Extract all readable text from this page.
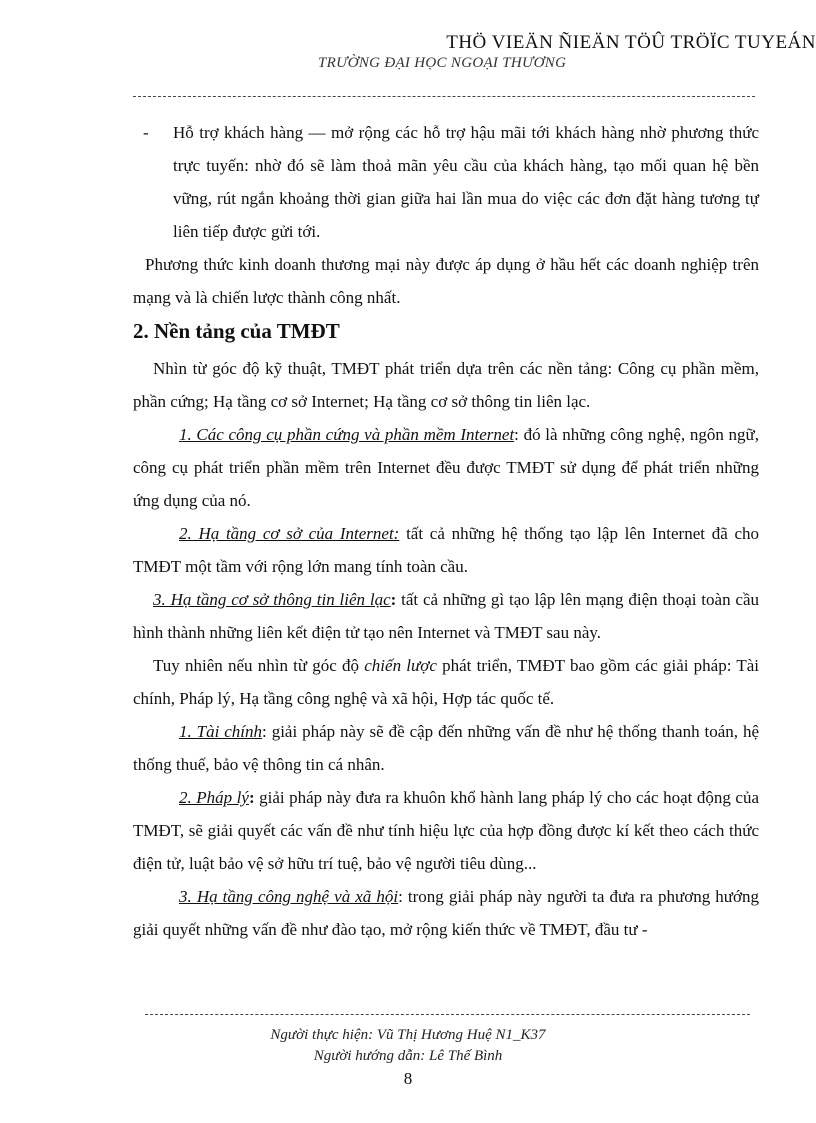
THÖ VIEÄN ÑIEÄN TÖÛ TRÖÏC TUYEÁN
TRƯỜNG ĐẠI HỌC NGOẠI THƯƠNG
-	Hỗ trợ khách hàng — mở rộng các hỗ trợ hậu mãi tới khách hàng nhờ phương thức trực tuyến: nhờ đó sẽ làm thoả mãn yêu cầu của khách hàng, tạo mối quan hệ bền vững, rút ngắn khoảng thời gian giữa hai lần mua do việc các đơn đặt hàng tương tự liên tiếp được gửi tới.

Phương thức kinh doanh thương mại này được áp dụng ở hầu hết các doanh nghiệp trên mạng và là chiến lược thành công nhất.

2. Nền tảng của TMĐT

Nhìn từ góc độ kỹ thuật, TMĐT phát triển dựa trên các nền tảng: Công cụ phần mềm, phần cứng; Hạ tầng cơ sở Internet; Hạ tầng cơ sở thông tin liên lạc.

1. Các công cụ phần cứng và phần mềm Internet: đó là những công nghệ, ngôn ngữ, công cụ phát triển phần mềm trên Internet đều được TMĐT sử dụng để phát triển những ứng dụng của nó.

2. Hạ tầng cơ sở của Internet: tất cả những hệ thống tạo lập lên Internet đã cho TMĐT một tầm với rộng lớn mang tính toàn cầu.

3. Hạ tầng cơ sở thông tin liên lạc: tất cả những gì tạo lập lên mạng điện thoại toàn cầu hình thành những liên kết điện tử tạo nên Internet và TMĐT sau này.

Tuy nhiên nếu nhìn từ góc độ chiến lược phát triển, TMĐT bao gồm các giải pháp: Tài chính, Pháp lý, Hạ tầng công nghệ và xã hội, Hợp tác quốc tế.

1. Tài chính: giải pháp này sẽ đề cập đến những vấn đề như hệ thống thanh toán, hệ thống thuế, bảo vệ thông tin cá nhân.

2. Pháp lý: giải pháp này đưa ra khuôn khổ hành lang pháp lý cho các hoạt động của TMĐT, sẽ giải quyết các vấn đề như tính hiệu lực của hợp đồng được kí kết theo cách thức điện tử, luật bảo vệ sở hữu trí tuệ, bảo vệ người tiêu dùng...

3. Hạ tầng công nghệ và xã hội: trong giải pháp này người ta đưa ra phương hướng giải quyết những vấn đề như đào tạo, mở rộng kiến thức về TMĐT, đầu tư -

Người thực hiện: Vũ Thị Hương Huệ N1_K37
Người hướng dẫn: Lê Thế Bình
8
